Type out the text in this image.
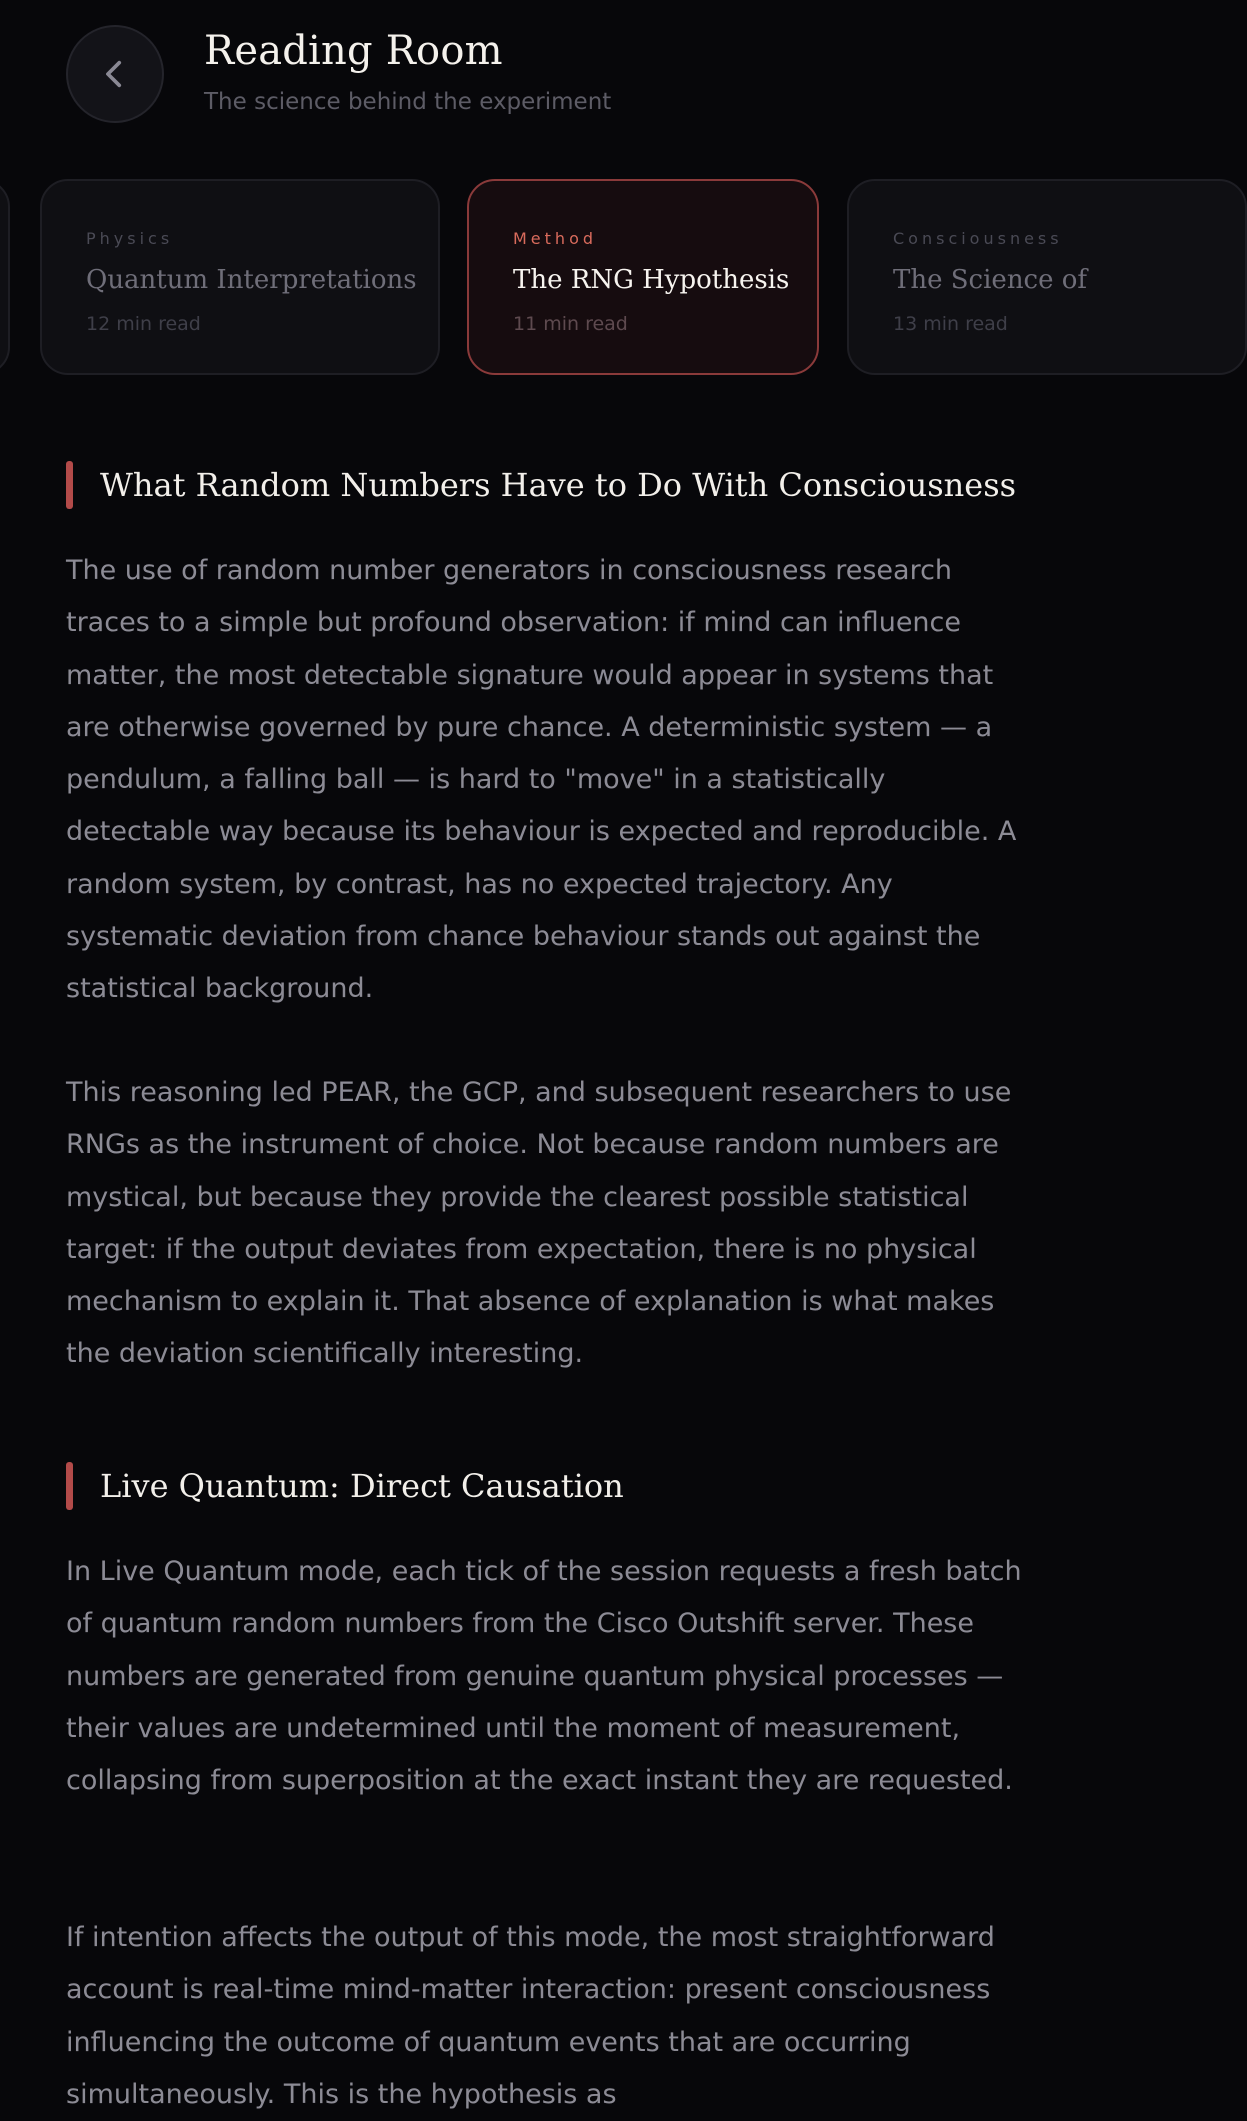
Reading Room
The science behind the experiment
Physics
Quantum Interpretations
12 min read
Method
The RNG Hypothesis
11 min read
Consciousness
The Science of
13 min read
What Random Numbers Have to Do With Consciousness

The use of random number generators in consciousness research traces to a simple but profound observation: if mind can influence matter, the most detectable signature would appear in systems that are otherwise governed by pure chance. A deterministic system — a pendulum, a falling ball — is hard to "move" in a statistically detectable way because its behaviour is expected and reproducible. A random system, by contrast, has no expected trajectory. Any systematic deviation from chance behaviour stands out against the statistical background.

This reasoning led PEAR, the GCP, and subsequent researchers to use RNGs as the instrument of choice. Not because random numbers are mystical, but because they provide the clearest possible statistical target: if the output deviates from expectation, there is no physical mechanism to explain it. That absence of explanation is what makes the deviation scientifically interesting.

Live Quantum: Direct Causation

In Live Quantum mode, each tick of the session requests a fresh batch of quantum random numbers from the Cisco Outshift server. These numbers are generated from genuine quantum physical processes — their values are undetermined until the moment of measurement, collapsing from superposition at the exact instant they are requested.

If intention affects the output of this mode, the most straightforward account is real-time mind-matter interaction: present consciousness influencing the outcome of quantum events that are occurring simultaneously. This is the hypothesis as
